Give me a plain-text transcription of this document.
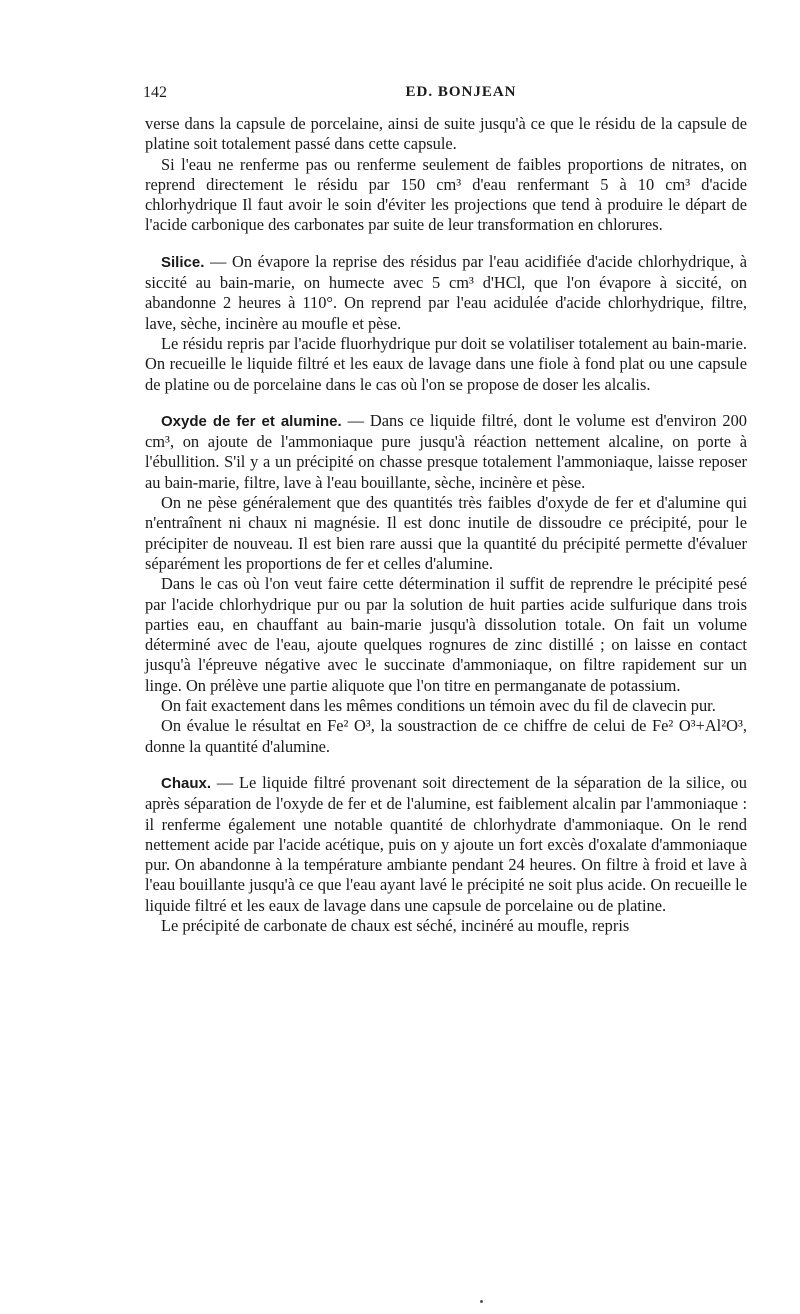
142	ED. BONJEAN

verse dans la capsule de porcelaine, ainsi de suite jusqu'à ce que le résidu de la capsule de platine soit totalement passé dans cette capsule.

Si l'eau ne renferme pas ou renferme seulement de faibles proportions de nitrates, on reprend directement le résidu par 150 cm³ d'eau renfermant 5 à 10 cm³ d'acide chlorhydrique Il faut avoir le soin d'éviter les projections que tend à produire le départ de l'acide carbonique des carbonates par suite de leur transformation en chlorures.

Silice. — On évapore la reprise des résidus par l'eau acidifiée d'acide chlorhydrique, à siccité au bain-marie, on humecte avec 5 cm³ d'HCl, que l'on évapore à siccité, on abandonne 2 heures à 110°. On reprend par l'eau acidulée d'acide chlorhydrique, filtre, lave, sèche, incinère au moufle et pèse.

Le résidu repris par l'acide fluorhydrique pur doit se volatiliser totalement au bain-marie. On recueille le liquide filtré et les eaux de lavage dans une fiole à fond plat ou une capsule de platine ou de porcelaine dans le cas où l'on se propose de doser les alcalis.

Oxyde de fer et alumine. — Dans ce liquide filtré, dont le volume est d'environ 200 cm³, on ajoute de l'ammoniaque pure jusqu'à réaction nettement alcaline, on porte à l'ébullition. S'il y a un précipité on chasse presque totalement l'ammoniaque, laisse reposer au bain-marie, filtre, lave à l'eau bouillante, sèche, incinère et pèse.

On ne pèse généralement que des quantités très faibles d'oxyde de fer et d'alumine qui n'entraînent ni chaux ni magnésie. Il est donc inutile de dissoudre ce précipité, pour le précipiter de nouveau. Il est bien rare aussi que la quantité du précipité permette d'évaluer séparément les proportions de fer et celles d'alumine.

Dans le cas où l'on veut faire cette détermination il suffit de reprendre le précipité pesé par l'acide chlorhydrique pur ou par la solution de huit parties acide sulfurique dans trois parties eau, en chauffant au bain-marie jusqu'à dissolution totale. On fait un volume déterminé avec de l'eau, ajoute quelques rognures de zinc distillé ; on laisse en contact jusqu'à l'épreuve négative avec le succinate d'ammoniaque, on filtre rapidement sur un linge. On prélève une partie aliquote que l'on titre en permanganate de potassium.

On fait exactement dans les mêmes conditions un témoin avec du fil de clavecin pur.

On évalue le résultat en Fe² O³, la soustraction de ce chiffre de celui de Fe² O³+Al²O³, donne la quantité d'alumine.

Chaux. — Le liquide filtré provenant soit directement de la séparation de la silice, ou après séparation de l'oxyde de fer et de l'alumine, est faiblement alcalin par l'ammoniaque : il renferme également une notable quantité de chlorhydrate d'ammoniaque. On le rend nettement acide par l'acide acétique, puis on y ajoute un fort excès d'oxalate d'ammoniaque pur. On abandonne à la température ambiante pendant 24 heures. On filtre à froid et lave à l'eau bouillante jusqu'à ce que l'eau ayant lavé le précipité ne soit plus acide. On recueille le liquide filtré et les eaux de lavage dans une capsule de porcelaine ou de platine.

Le précipité de carbonate de chaux est séché, incinéré au moufle, repris
